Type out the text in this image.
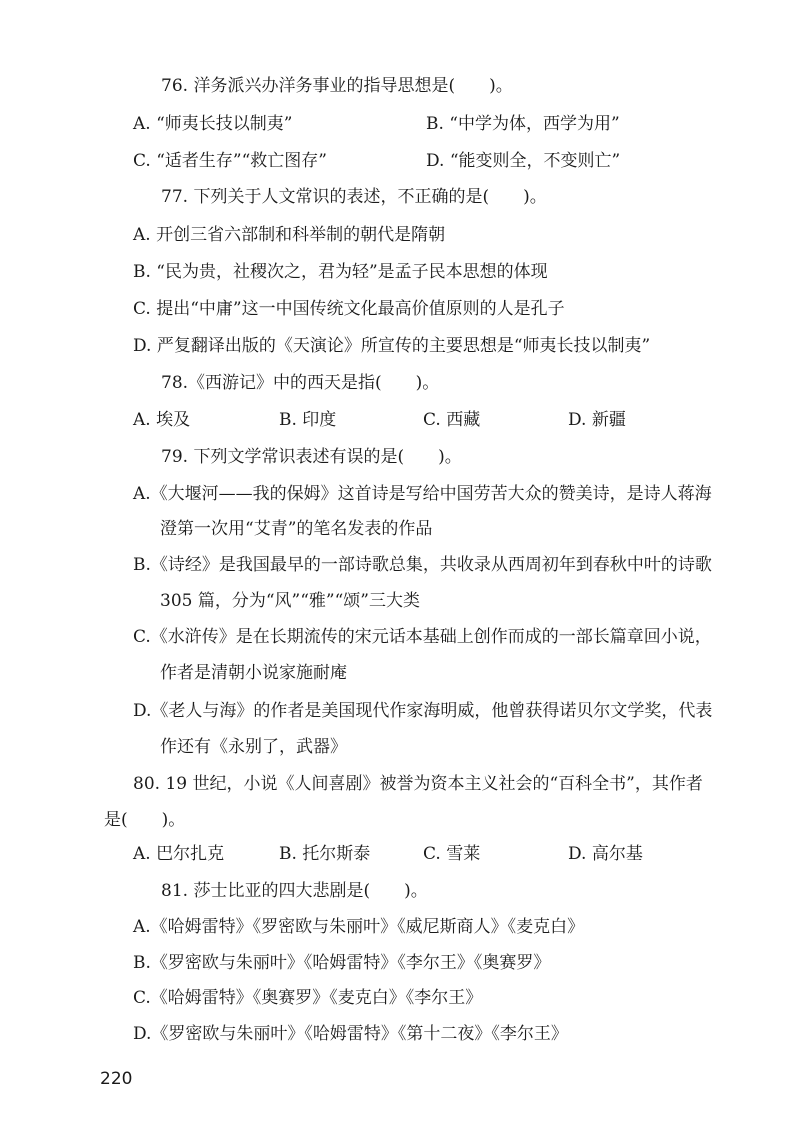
76. 洋务派兴办洋务事业的指导思想是(　　)。
A. “师夷长技以制夷”	B. “中学为体，西学为用”
C. “适者生存”“救亡图存”	D. “能变则全，不变则亡”
77. 下列关于人文常识的表述，不正确的是(　　)。
A. 开创三省六部制和科举制的朝代是隋朝
B. “民为贵，社稷次之，君为轻”是孟子民本思想的体现
C. 提出“中庸”这一中国传统文化最高价值原则的人是孔子
D. 严复翻译出版的《天演论》所宣传的主要思想是“师夷长技以制夷”
78.《西游记》中的西天是指(　　)。
A. 埃及	B. 印度	C. 西藏	D. 新疆
79. 下列文学常识表述有误的是(　　)。
A.《大堰河——我的保姆》这首诗是写给中国劳苦大众的赞美诗，是诗人蒋海
澄第一次用“艾青”的笔名发表的作品
B.《诗经》是我国最早的一部诗歌总集，共收录从西周初年到春秋中叶的诗歌
305 篇，分为“风”“雅”“颂”三大类
C.《水浒传》是在长期流传的宋元话本基础上创作而成的一部长篇章回小说，
作者是清朝小说家施耐庵
D.《老人与海》的作者是美国现代作家海明威，他曾获得诺贝尔文学奖，代表
作还有《永别了，武器》
80. 19 世纪，小说《人间喜剧》被誉为资本主义社会的“百科全书”，其作者
是(　　)。
A. 巴尔扎克	B. 托尔斯泰	C. 雪莱	D. 高尔基
81. 莎士比亚的四大悲剧是(　　)。
A.《哈姆雷特》《罗密欧与朱丽叶》《威尼斯商人》《麦克白》
B.《罗密欧与朱丽叶》《哈姆雷特》《李尔王》《奥赛罗》
C.《哈姆雷特》《奥赛罗》《麦克白》《李尔王》
D.《罗密欧与朱丽叶》《哈姆雷特》《第十二夜》《李尔王》
220
